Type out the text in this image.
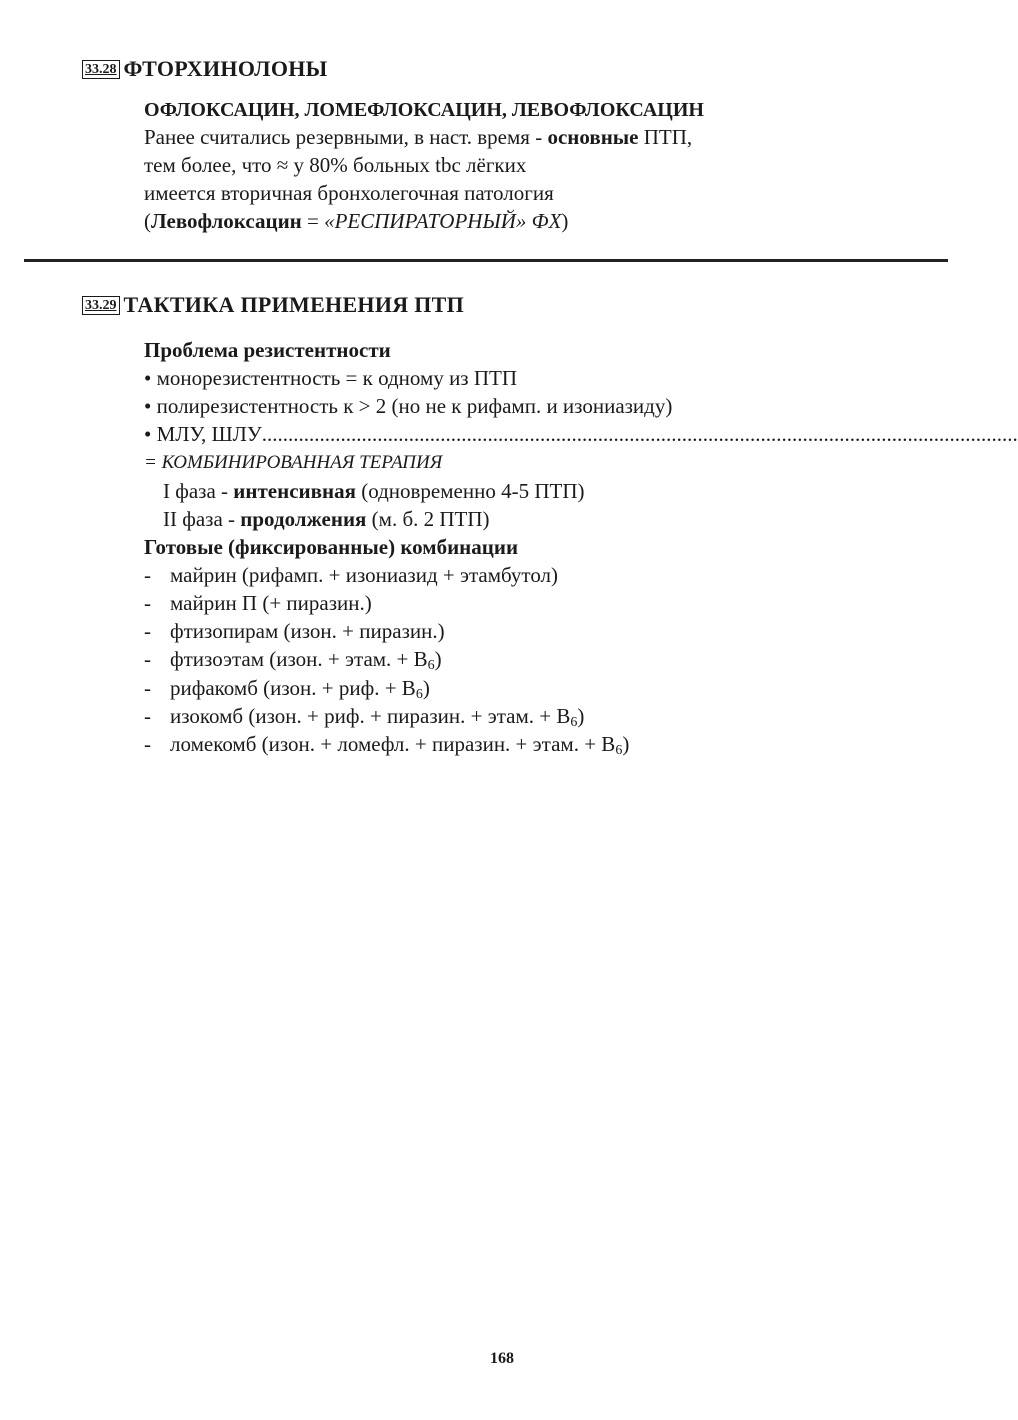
33.28 ФТОРХИНОЛОНЫ
ОФЛОКСАЦИН, ЛОМЕФЛОКСАЦИН, ЛЕВОФЛОКСАЦИН
Ранее считались резервными, в наст. время - основные ПТП,
тем более, что ≈ у 80% больных tbc лёгких
имеется вторичная бронхолегочная патология
(Левофлоксацин = «РЕСПИРАТОРНЫЙ» ФХ)
33.29 ТАКТИКА ПРИМЕНЕНИЯ ПТП
Проблема резистентности
• монорезистентность = к одному из ПТП
• полирезистентность к > 2 (но не к рифамп. и изониазиду)
• МЛУ, ШЛУ................................................................................................................................................
= КОМБИНИРОВАННАЯ ТЕРАПИЯ
I фаза - интенсивная (одновременно 4-5 ПТП)
II фаза - продолжения (м. б. 2 ПТП)
Готовые (фиксированные) комбинации
- майрин (рифамп. + изониазид + этамбутол)
- майрин П (+ пиразин.)
- фтизопирам (изон. + пиразин.)
- фтизоэтам (изон. + этам. + $В_6$)
- рифакомб (изон. + риф. + $В_6$)
- изокомб (изон. + риф. + пиразин. + этам. + $В_6$)
- ломекомб (изон. + ломефл. + пиразин. + этам. + $В_6$)
168
